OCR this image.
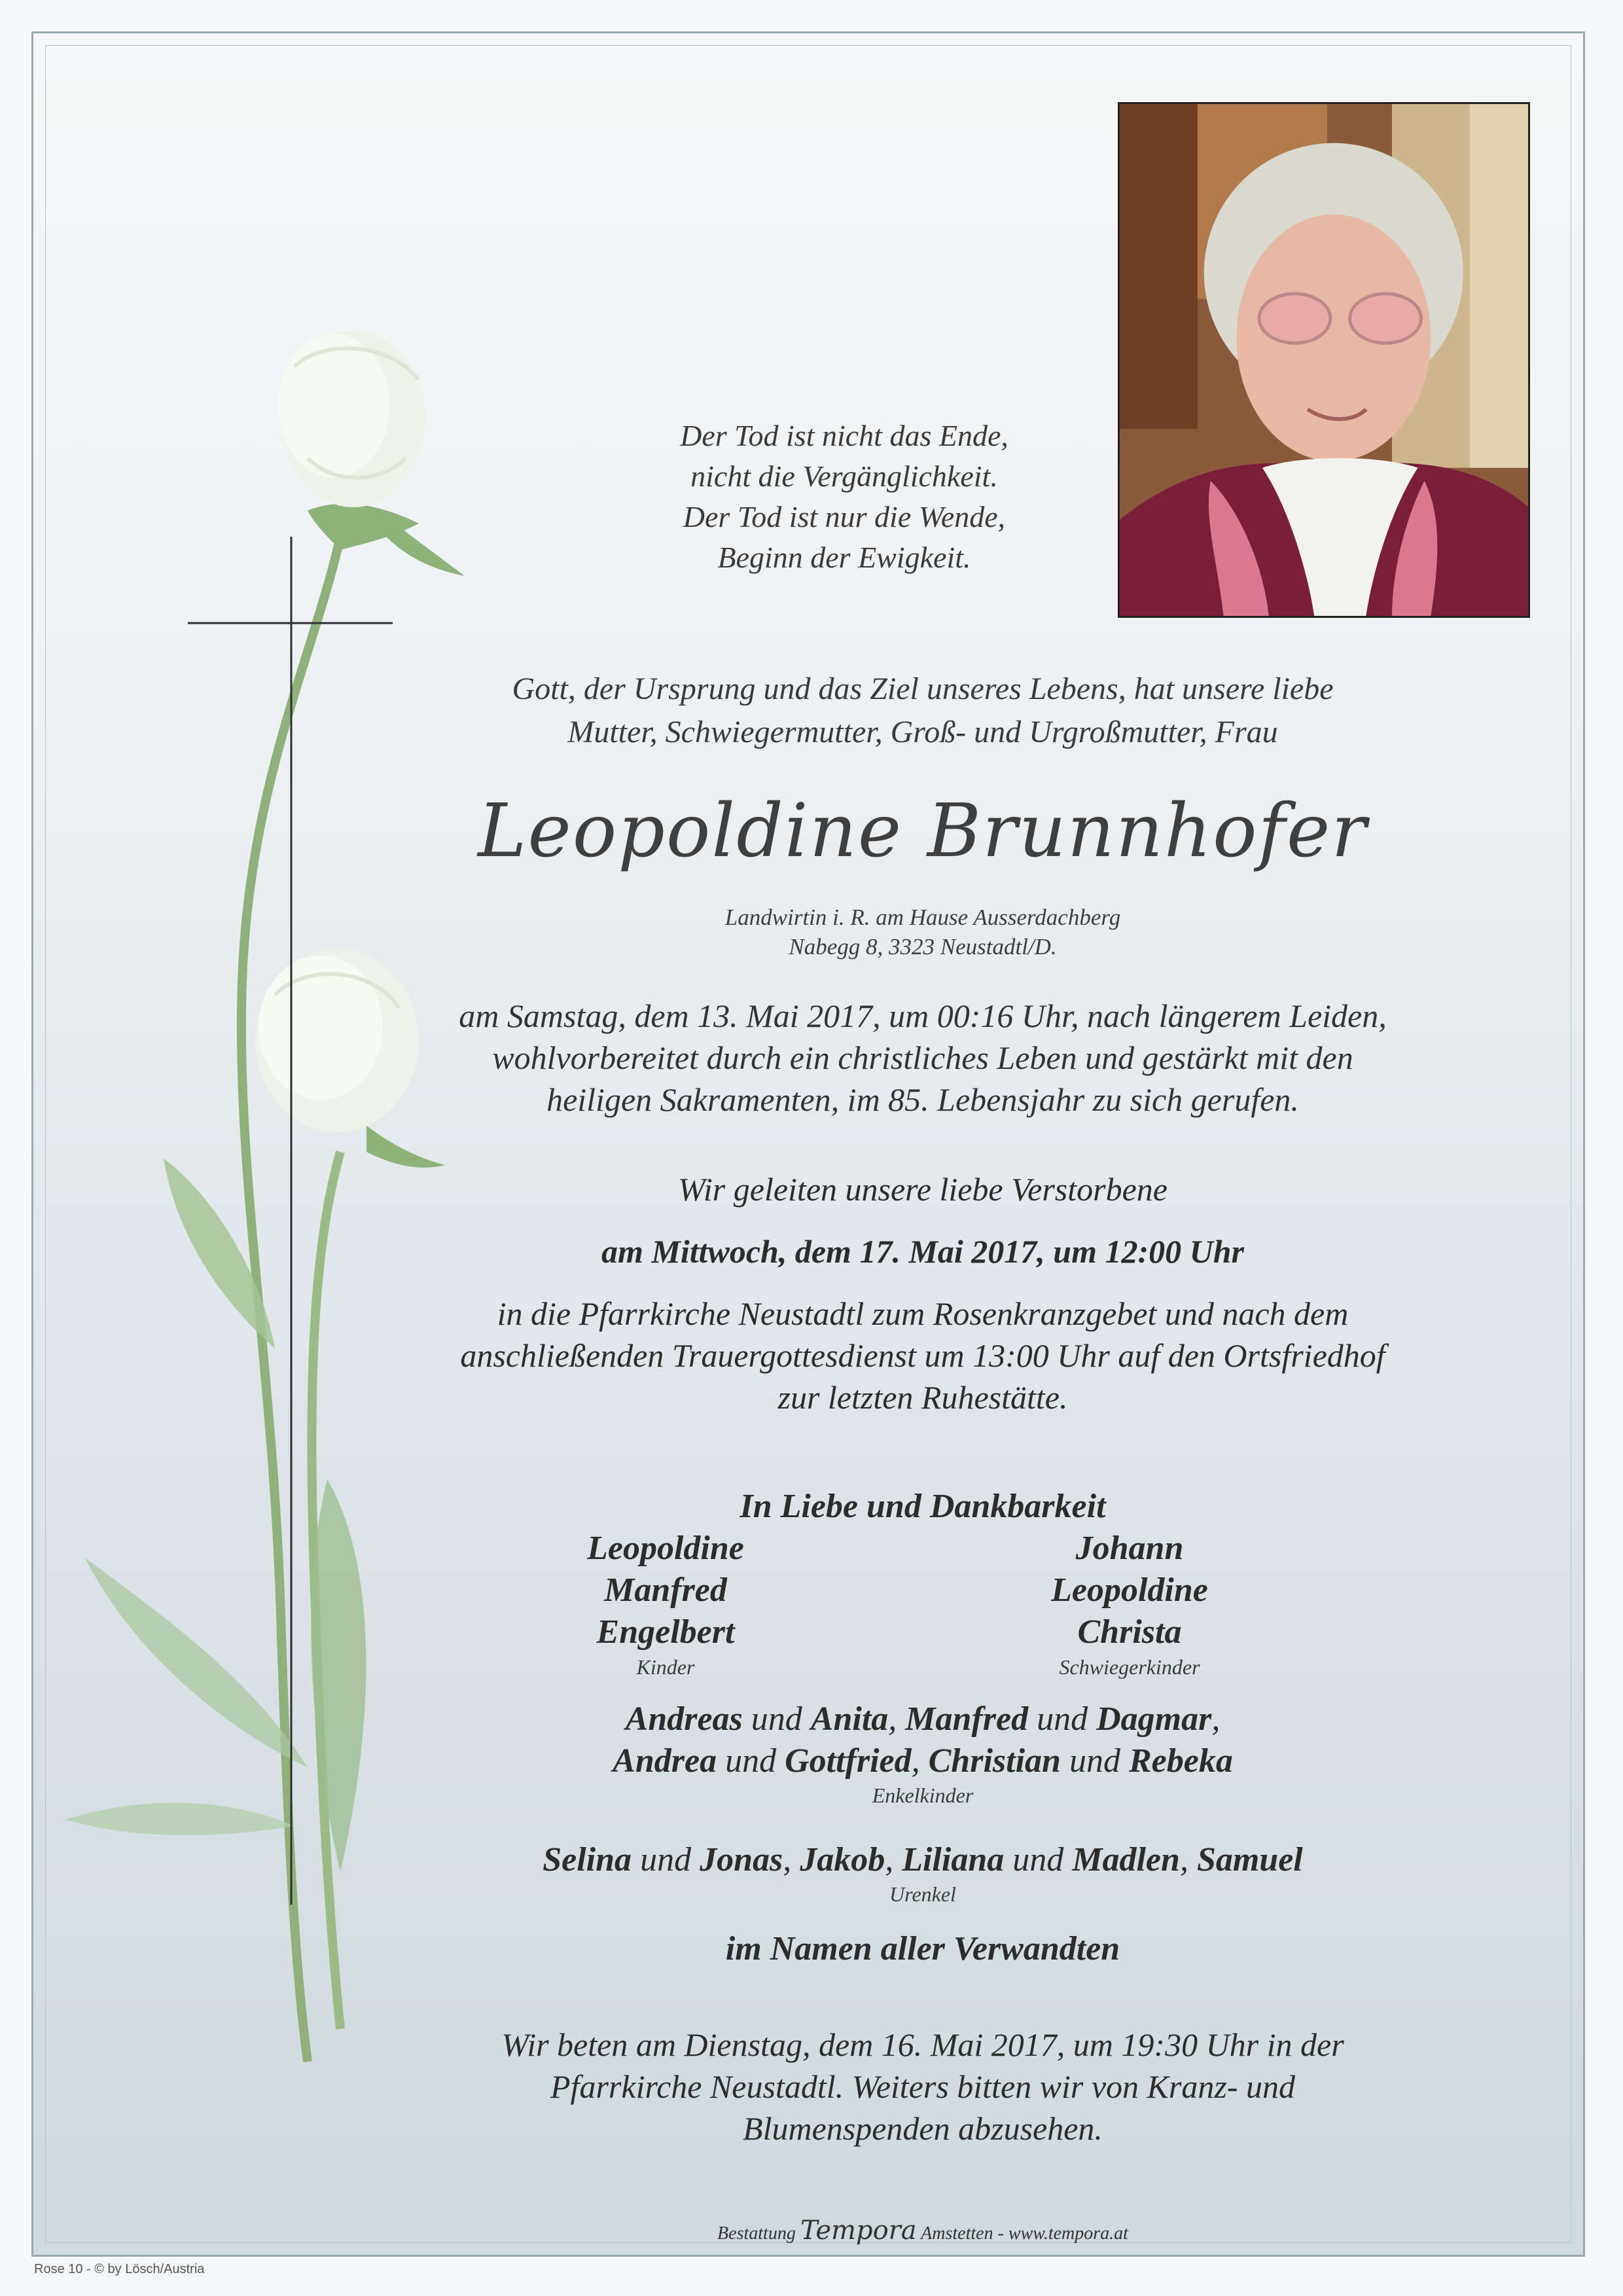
Der Tod ist nicht das Ende,
nicht die Vergänglichkeit.
Der Tod ist nur die Wende,
Beginn der Ewigkeit.
Gott, der Ursprung und das Ziel unseres Lebens, hat unsere liebe
Mutter, Schwiegermutter, Groß- und Urgroßmutter, Frau
Leopoldine Brunnhofer
Landwirtin i. R. am Hause Ausserdachberg
Nabegg 8, 3323 Neustadtl/D.
am Samstag, dem 13. Mai 2017, um 00:16 Uhr, nach längerem Leiden,
wohlvorbereitet durch ein christliches Leben und gestärkt mit den
heiligen Sakramenten, im 85. Lebensjahr zu sich gerufen.
Wir geleiten unsere liebe Verstorbene
am Mittwoch, dem 17. Mai 2017, um 12:00 Uhr
in die Pfarrkirche Neustadtl zum Rosenkranzgebet und nach dem
anschließenden Trauergottesdienst um 13:00 Uhr auf den Ortsfriedhof
zur letzten Ruhestätte.
In Liebe und Dankbarkeit
Leopoldine
Manfred
Engelbert
Kinder
Johann
Leopoldine
Christa
Schwiegerkinder
Andreas und Anita, Manfred und Dagmar,
Andrea und Gottfried, Christian und Rebeka
Enkelkinder
Selina und Jonas, Jakob, Liliana und Madlen, Samuel
Urenkel
im Namen aller Verwandten
Wir beten am Dienstag, dem 16. Mai 2017, um 19:30 Uhr in der
Pfarrkirche Neustadtl. Weiters bitten wir von Kranz- und
Blumenspenden abzusehen.
Bestattung Tempora Amstetten - www.tempora.at
Rose 10 - © by Lösch/Austria
